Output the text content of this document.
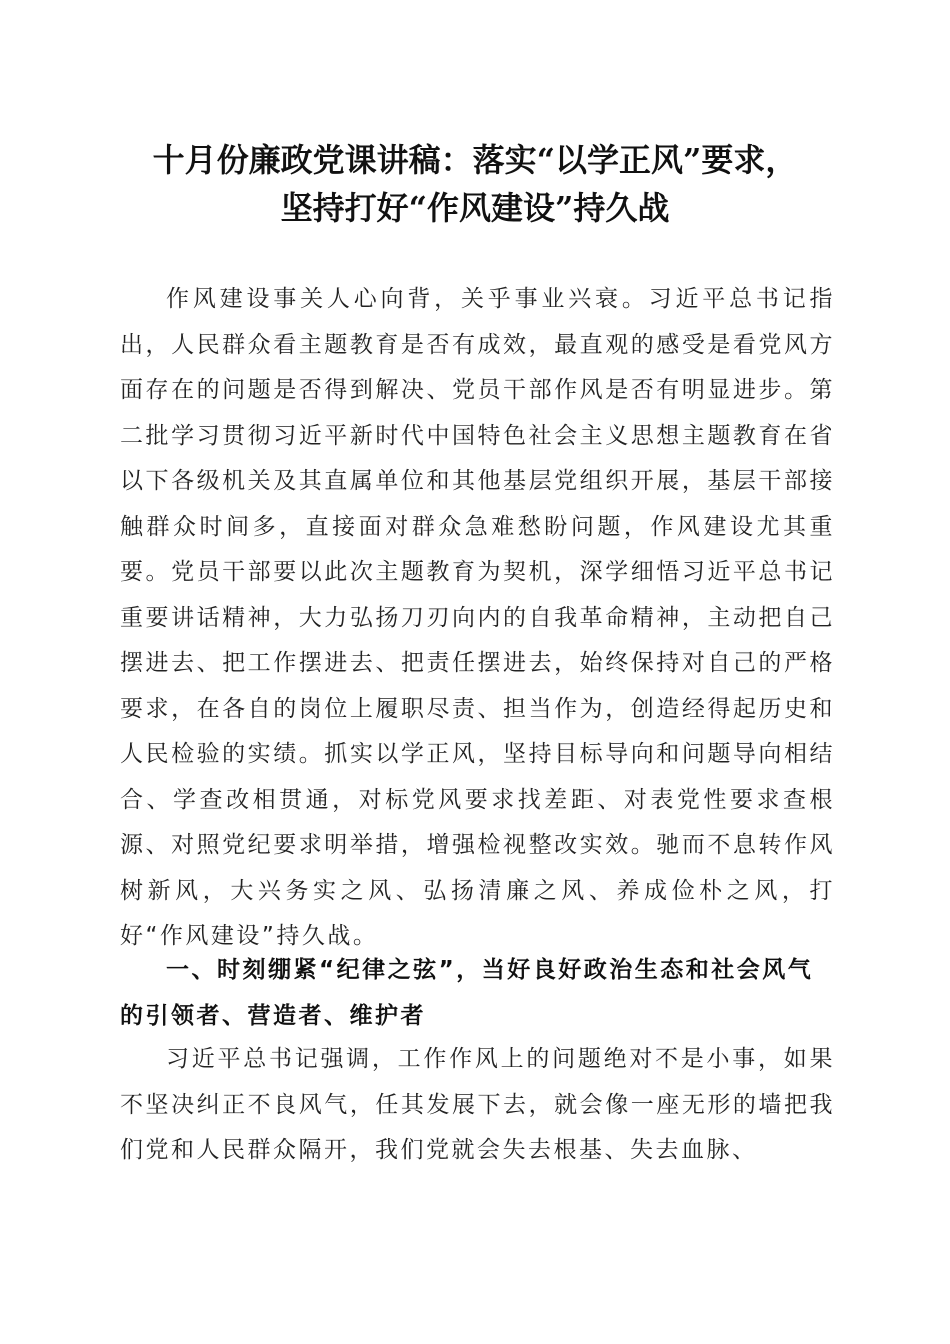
十月份廉政党课讲稿：落实“以学正风”要求，
坚持打好“作风建设”持久战

作风建设事关人心向背，关乎事业兴衰。习近平总书记指出，人民群众看主题教育是否有成效，最直观的感受是看党风方面存在的问题是否得到解决、党员干部作风是否有明显进步。第二批学习贯彻习近平新时代中国特色社会主义思想主题教育在省以下各级机关及其直属单位和其他基层党组织开展，基层干部接触群众时间多，直接面对群众急难愁盼问题，作风建设尤其重要。党员干部要以此次主题教育为契机，深学细悟习近平总书记重要讲话精神，大力弘扬刀刃向内的自我革命精神，主动把自己摆进去、把工作摆进去、把责任摆进去，始终保持对自己的严格要求，在各自的岗位上履职尽责、担当作为，创造经得起历史和人民检验的实绩。抓实以学正风，坚持目标导向和问题导向相结合、学查改相贯通，对标党风要求找差距、对表党性要求查根源、对照党纪要求明举措，增强检视整改实效。驰而不息转作风树新风，大兴务实之风、弘扬清廉之风、养成俭朴之风，打好“作风建设”持久战。

一、时刻绷紧“纪律之弦”，当好良好政治生态和社会风气的引领者、营造者、维护者

习近平总书记强调，工作作风上的问题绝对不是小事，如果不坚决纠正不良风气，任其发展下去，就会像一座无形的墙把我们党和人民群众隔开，我们党就会失去根基、失去血脉、
